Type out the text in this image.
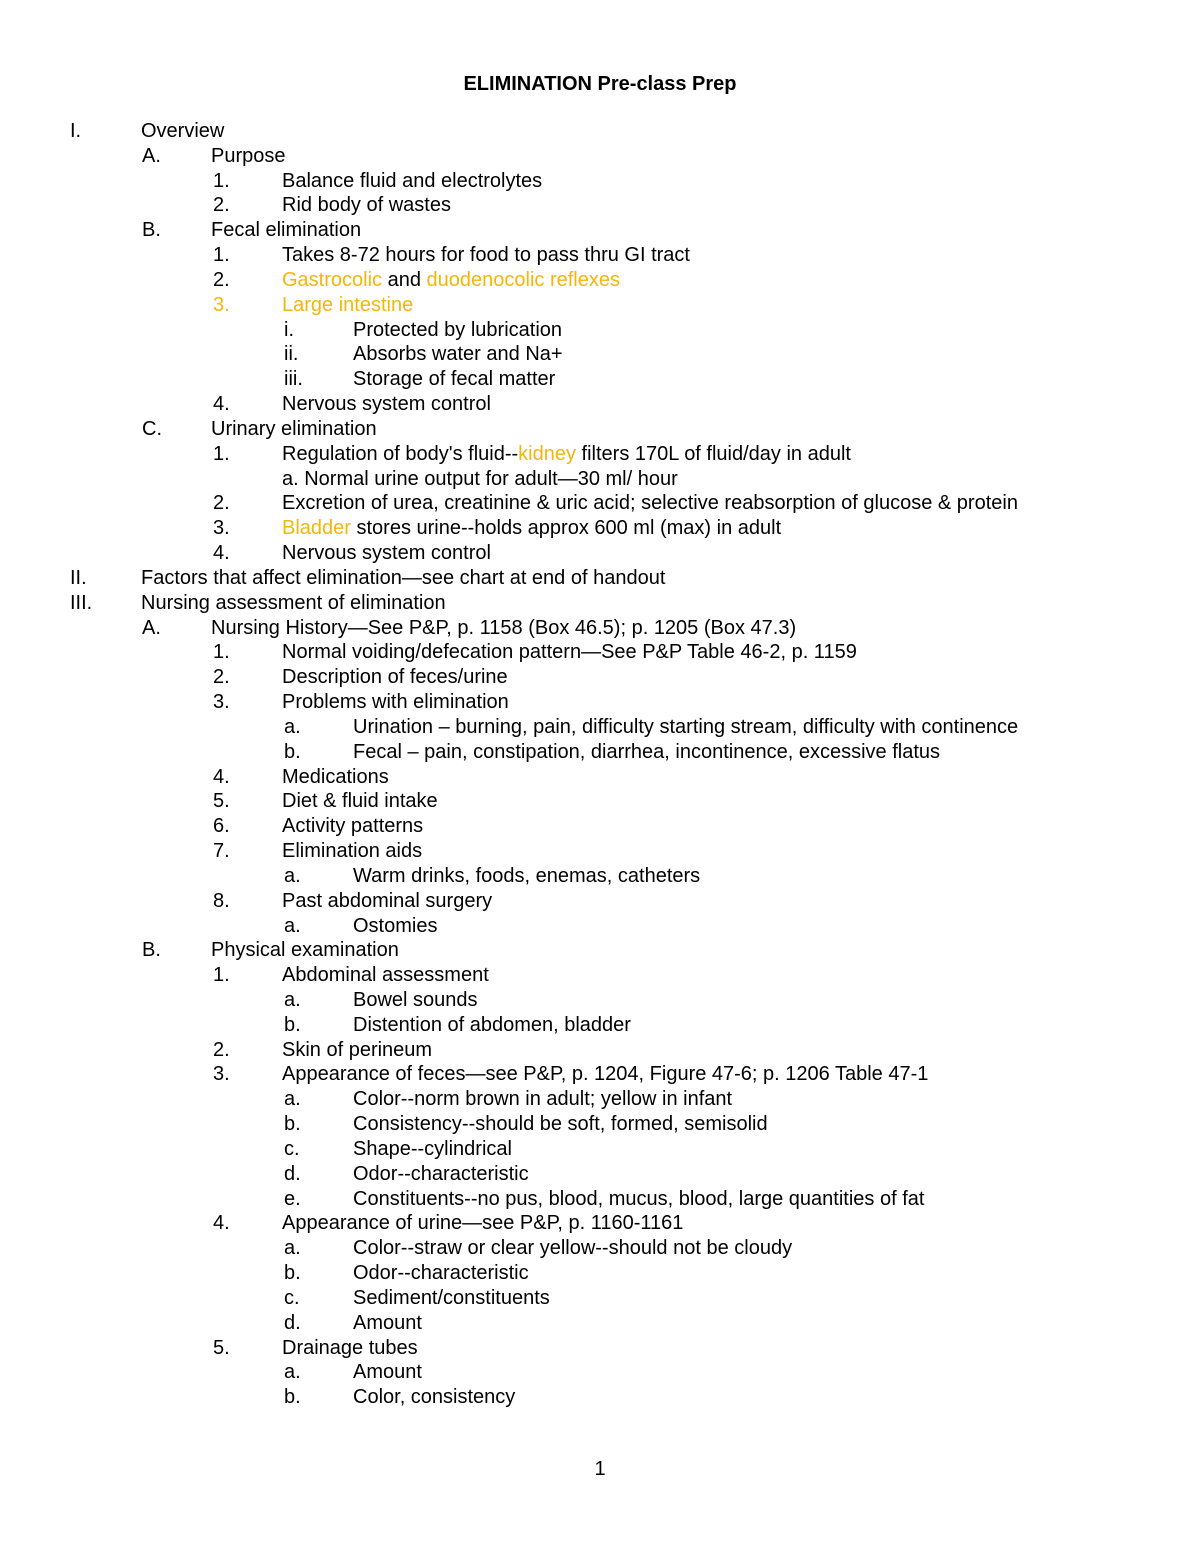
ELIMINATION Pre-class Prep
I.	Overview
A.	Purpose
1.	Balance fluid and electrolytes
2.	Rid body of wastes
B.	Fecal elimination
1.	Takes 8-72 hours for food to pass thru GI tract
2.	Gastrocolic and duodenocolic reflexes
3.	Large intestine
i.	Protected by lubrication
ii.	Absorbs water and Na+
iii.	Storage of fecal matter
4.	Nervous system control
C. Urinary elimination
1.	Regulation of body's fluid--kidney filters 170L of fluid/day in adult
a. Normal urine output for adult—30 ml/ hour
2.	Excretion of urea, creatinine & uric acid; selective reabsorption of glucose & protein
3.	Bladder stores urine--holds approx 600 ml (max) in adult
4.	Nervous system control
II.	Factors that affect elimination—see chart at end of handout
III. Nursing assessment of elimination
A.	Nursing History—See P&P, p. 1158 (Box 46.5); p. 1205 (Box 47.3)
1.	Normal voiding/defecation pattern—See P&P Table 46-2, p. 1159
2.	Description of feces/urine
3.	Problems with elimination
a.	Urination – burning, pain, difficulty starting stream, difficulty with continence
b.	Fecal – pain, constipation, diarrhea, incontinence, excessive flatus
4.	Medications
5.	Diet & fluid intake
6.	Activity patterns
7.	Elimination aids
a.	Warm drinks, foods, enemas, catheters
8.	Past abdominal surgery
a.	Ostomies
B.	Physical examination
1.	Abdominal assessment
a.	Bowel sounds
b.	Distention of abdomen, bladder
2.	Skin of perineum
3.	Appearance of feces—see P&P, p. 1204, Figure 47-6; p. 1206 Table 47-1
a.	Color--norm brown in adult; yellow in infant
b.	Consistency--should be soft, formed, semisolid
c.	Shape--cylindrical
d.	Odor--characteristic
e.	Constituents--no pus, blood, mucus, blood, large quantities of fat
4.	Appearance of urine—see P&P, p. 1160-1161
a.	Color--straw or clear yellow--should not be cloudy
b.	Odor--characteristic
c.	Sediment/constituents
d.	Amount
5.	Drainage tubes
a.	Amount
b.	Color, consistency
1
